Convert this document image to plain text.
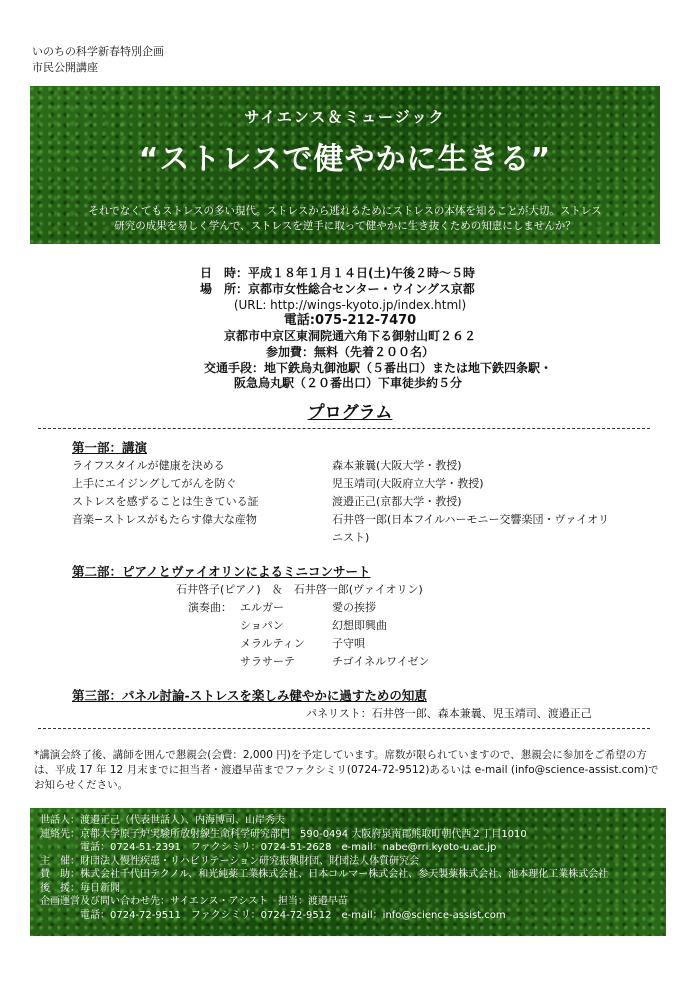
いのちの科学新春特別企画
市民公開講座
サイエンス＆ミュージック
“ストレスで健やかに生きる”
それでなくてもストレスの多い現代。ストレスから逃れるためにストレスの本体を知ることが大切。ストレス
研究の成果を易しく学んで、ストレスを逆手に取って健やかに生き抜くための知恵にしませんか？
日　時：平成１８年１月１４日(土)午後２時〜５時
場　所：京都市女性総合センター・ウイングス京都
(URL: http://wings-kyoto.jp/index.html)
電話:075-212-7470
京都市中京区東洞院通六角下る御射山町２６２
参加費：無料（先着２００名）
交通手段：地下鉄烏丸御池駅（５番出口）または地下鉄四条駅・
阪急烏丸駅（２０番出口）下車徒歩約５分
プログラム
第一部：講演
ライフスタイルが健康を決める	森本兼曩(大阪大学・教授)
上手にエイジングしてがんを防ぐ	児玉靖司(大阪府立大学・教授)
ストレスを感ずることは生きている証	渡邉正己(京都大学・教授)
音楽−ストレスがもたらす偉大な産物	石井啓一郎(日本フイルハーモニー交響楽団・ヴァイオリ
ニスト)
第二部：ピアノとヴァイオリンによるミニコンサート
石井啓子(ピアノ)　＆　石井啓一郎(ヴァイオリン)
演奏曲： エルガー	愛の挨拶
ショパン	幻想即興曲
メラルティン 子守唄
サラサーテ	チゴイネルワイゼン
第三部：パネル討論-ストレスを楽しみ健やかに過すための知恵
パネリスト：石井啓一郎、森本兼曩、児玉靖司、渡邉正己
*講演会終了後、講師を囲んで懇親会(会費：2,000 円)を予定しています。席数が限られていますので、懇親会に参加をご希望の方は、平成 17 年 12 月末までに担当者・渡邉早苗までファクシミリ(0724-72-9512)あるいは e-mail (info@science-assist.com)でお知らせください。
世話人：渡邉正己（代表世話人）、内海博司、山岸秀夫
連絡先：京都大学原子炉実験所放射線生命科学研究部門　590-0494 大阪府泉南郡熊取町朝代西２丁目1010
　　　　電話：0724-51-2391　ファクシミリ：0724-51-2628　e-mail：nabe@rri.kyoto-u.ac.jp
主　催：財団法人慢性疾患・リハビリテーション研究振興財団、財団法人体質研究会
賛　助：株式会社千代田テクノル、和光純薬工業株式会社、日本コルマー株式会社、参天製薬株式会社、池本理化工業株式会社
後　援：毎日新聞
企画運営及び問い合わせ先：サイエンス・アシスト　担当：渡邉早苗
　　　　電話：0724-72-9511　ファクシミリ：0724-72-9512　e-mail：info@science-assist.com
